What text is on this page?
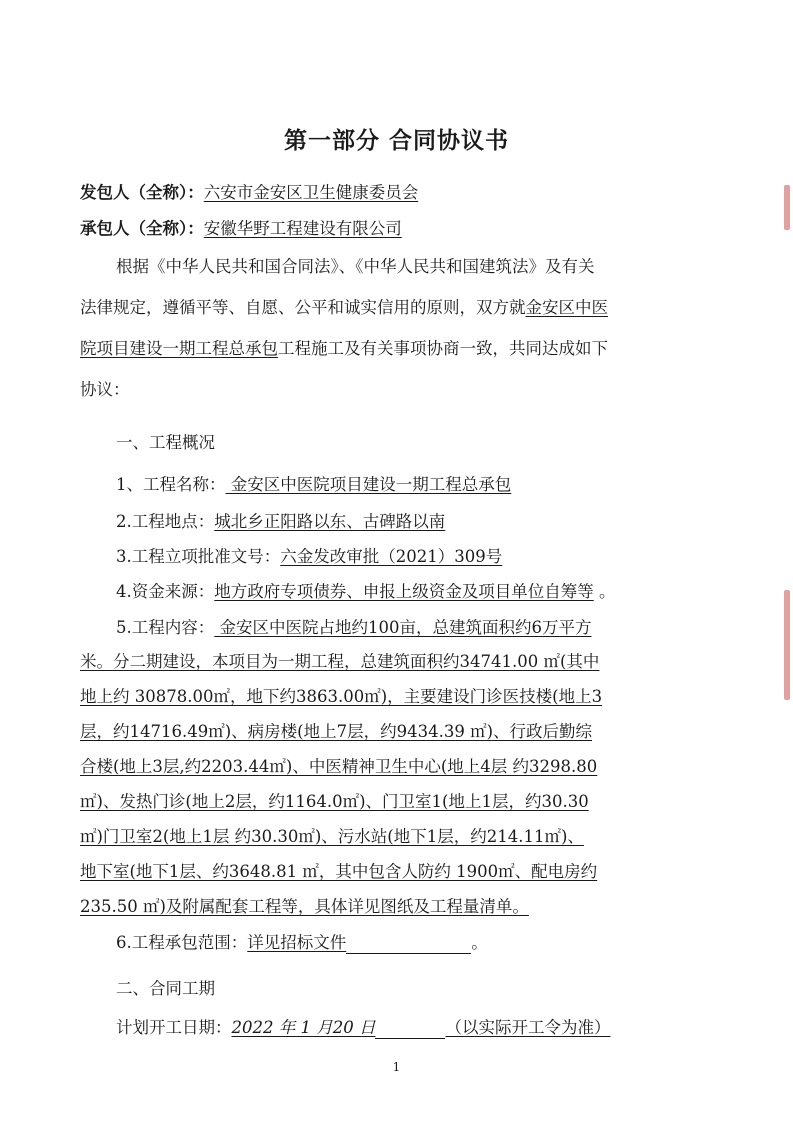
第一部分 合同协议书
发包人（全称）：六安市金安区卫生健康委员会
承包人（全称）：安徽华野工程建设有限公司
根据《中华人民共和国合同法》、《中华人民共和国建筑法》及有关
法律规定，遵循平等、自愿、公平和诚实信用的原则，双方就金安区中医
院项目建设一期工程总承包工程施工及有关事项协商一致，共同达成如下
协议：
一、工程概况
1、工程名称： 金安区中医院项目建设一期工程总承包
2.工程地点：城北乡正阳路以东、古碑路以南
3.工程立项批准文号：六金发改审批（2021）309号
4.资金来源：地方政府专项债券、申报上级资金及项目单位自筹等 。
5.工程内容： 金安区中医院占地约100亩，总建筑面积约6万平方
米。分二期建设，本项目为一期工程，总建筑面积约34741.00 ㎡(其中
地上约 30878.00㎡，地下约3863.00㎡)，主要建设门诊医技楼(地上3
层，约14716.49㎡)、病房楼(地上7层，约9434.39 ㎡)、行政后勤综
合楼(地上3层,约2203.44㎡)、中医精神卫生中心(地上4层 约3298.80
㎡)、发热门诊(地上2层，约1164.0㎡)、门卫室1(地上1层，约30.30
㎡)门卫室2(地上1层 约30.30㎡)、污水站(地下1层，约214.11㎡)、
地下室(地下1层、约3648.81 ㎡，其中包含人防约 1900㎡、配电房约
235.50 ㎡)及附属配套工程等，具体详见图纸及工程量清单。
6.工程承包范围：详见招标文件	。
二、合同工期
计划开工日期：2022 年 1 月20 日	（以实际开工令为准）
1
